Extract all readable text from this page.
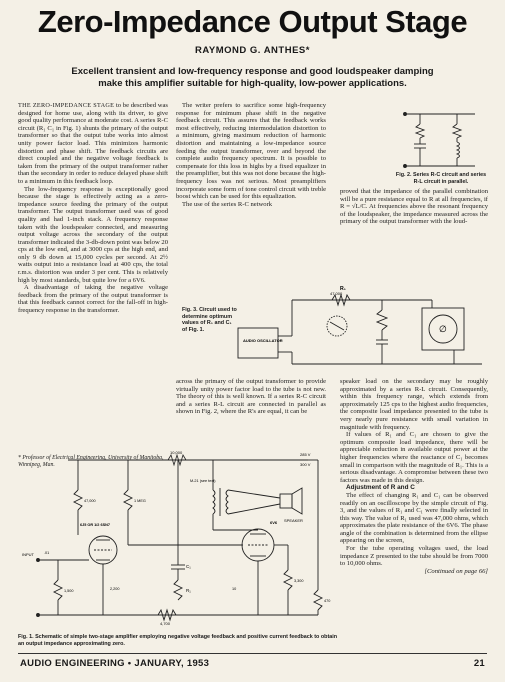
Zero-Impedance Output Stage
RAYMOND G. ANTHES*
Excellent transient and low-frequency response and good loudspeaker damping make this amplifier suitable for high-quality, low-power applications.

THE ZERO-IMPEDANCE STAGE to be described was designed for home use, along with its driver, to give good quality performance at moderate cost. A series R-C circuit (R₁ C₁ in Fig. 1) shunts the primary of the output transformer so that the output tube works into almost unity power factor load. This minimizes harmonic distortion and phase shift. The feedback circuits are direct coupled and the negative voltage feedback is taken from the primary of the output transformer rather than the secondary in order to reduce delayed phase shift to a minimum in this feedback loop.

The low-frequency response is exceptionally good because the stage is effectively acting as a zero-impedance source feeding the primary of the output transformer. The output transformer used was of good quality and had 1-inch stack. A frequency response taken with the loudspeaker connected, and measuring output voltage across the secondary of the output transformer indicated the 3-db-down point was below 20 cps at the low end, and at 3000 cps at the high end, and only 9 db down at 15,000 cycles per second. At 2½ watts output into a resistance load at 400 cps, the total r.m.s. distortion was under 3 per cent. This is relatively high by most standards, but quite low for a 6V6.

A disadvantage of taking the negative voltage feedback from the primary of the output transformer is that this feedback cannot correct for the fall-off in high-frequency response in the transformer.

* Professor of Electrical Engineering, University of Manitoba, Winnipeg, Man.

The writer prefers to sacrifice some high-frequency response for minimum phase shift in the negative feedback circuit. This assures that the feedback works most effectively, reducing intermodulation distortion to a minimum, giving maximum reduction of harmonic distortion and maintaining a low-impedance source feeding the output transformer, over and beyond the complete audio frequency spectrum. It is possible to compensate for this loss in highs by a fixed equalizer in the preamplifier, but this was not done because the high-frequency loss was not serious. Most preamplifiers incorporate some form of tone control circuit with treble boost which can be used for this equalization.

The use of the series R-C network

Fig. 3. Circuit used to determine optimum values of R₁ and C₁ of Fig. 1.
R₁
47,000
AUDIO OSCILLATOR
∅
Fig. 2. Series R-C circuit and series R-L circuit in parallel.

proved that the impedance of the parallel combination will be a pure resistance equal to R at all frequencies, if R = √L/C. At frequencies above the resonant frequency of the loudspeaker, the impedance measured across the primary of the output transformer with the loud-

across the primary of the output transformer to provide virtually unity power factor load to the tube is not new. The theory of this is well known. If a series R-C circuit and a series R-L circuit are connected in parallel as shown in Fig. 2, where the R's are equal, it can be

speaker load on the secondary may be roughly approximated by a series R-L circuit. Consequently, within this frequency range, which extends from approximately 125 cps to the highest audio frequencies, the composite load impedance presented to the tube is very nearly pure resistance with small variation in magnitude with frequency.

If values of R₁ and C₁ are chosen to give the optimum composite load impedance, there will be appreciable reduction in available output power at the higher frequencies where the reactance of C₁ becomes small in comparison with the magnitude of R₁. This is a serious disadvantage. A compromise between these two factors was made in this design.

Adjustment of R and C

The effect of changing R₁ and C₁ can be observed readily on an oscilloscope by the simple circuit of Fig. 3, and the values of R₁ and C₁ were finally selected in this way. The value of R₁ used was 47,000 ohms, which approximates the plate resistance of the 6V6. The phase angle of the combination is determined from the ellipse appearing on the screen,

For the tube operating voltages used, the load impedance Z presented to the tube should be from 7000 to 10,000 ohms.

[Continued on page 66]

10,000	285 V
300 V
6J5 OR 1/2 6SN7	6V6
INPUT
SPEAKER
M-21 (see text)
C₁
R₁
4,700
47,000	1 MEG
1,500
3,300
2,200
470
.01
10
Fig. 1. Schematic of simple two-stage amplifier employing negative voltage feedback and positive current feedback to obtain an output impedance approximating zero.
AUDIO ENGINEERING • JANUARY, 1953	21
